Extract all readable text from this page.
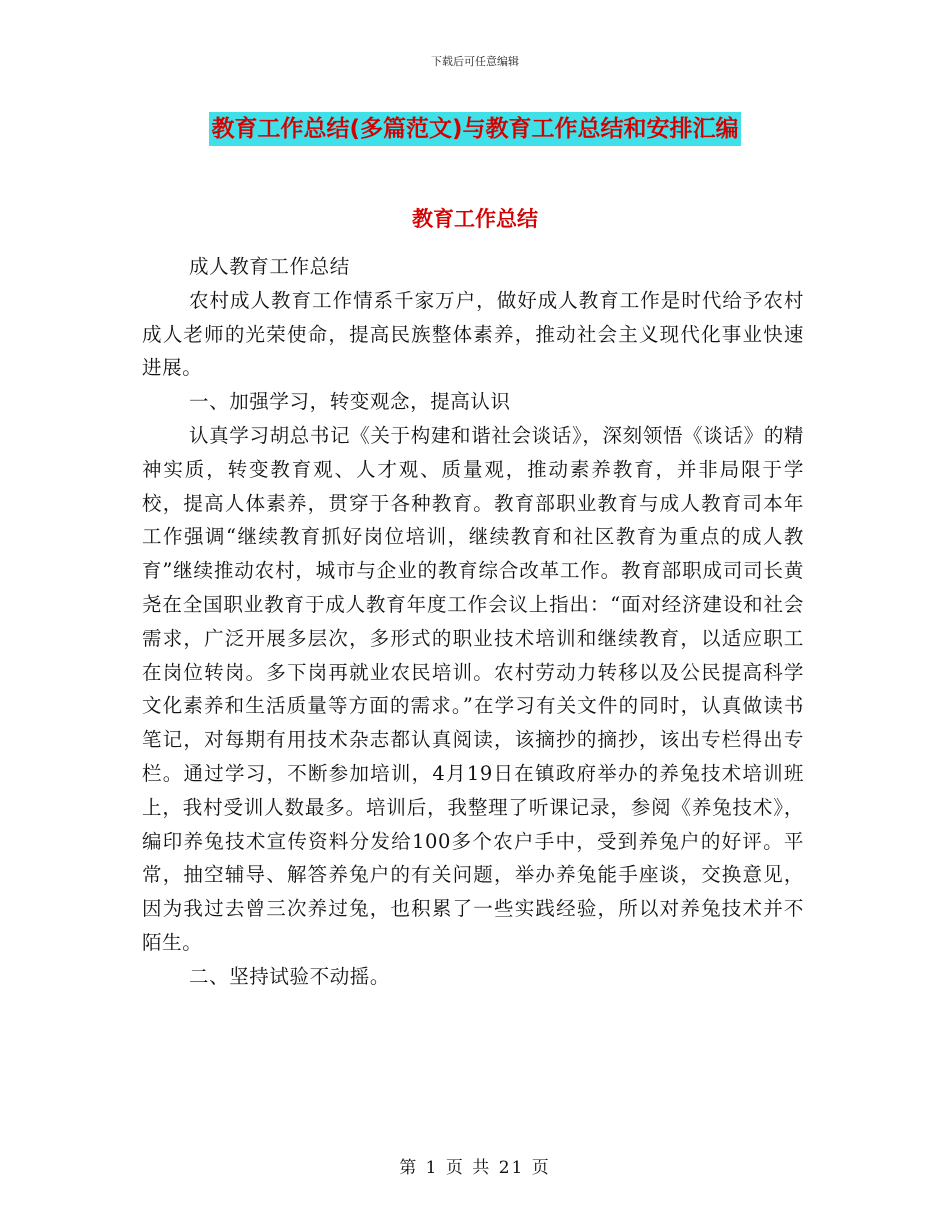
下载后可任意编辑
教育工作总结(多篇范文)与教育工作总结和安排汇编
教育工作总结

成人教育工作总结

农村成人教育工作情系千家万户，做好成人教育工作是时代给予农村成人老师的光荣使命，提高民族整体素养，推动社会主义现代化事业快速进展。

一、加强学习，转变观念，提高认识

认真学习胡总书记《关于构建和谐社会谈话》，深刻领悟《谈话》的精神实质，转变教育观、人才观、质量观，推动素养教育，并非局限于学校，提高人体素养，贯穿于各种教育。教育部职业教育与成人教育司本年工作强调“继续教育抓好岗位培训，继续教育和社区教育为重点的成人教育”继续推动农村，城市与企业的教育综合改革工作。教育部职成司司长黄尧在全国职业教育于成人教育年度工作会议上指出：“面对经济建设和社会需求，广泛开展多层次，多形式的职业技术培训和继续教育，以适应职工在岗位转岗。多下岗再就业农民培训。农村劳动力转移以及公民提高科学文化素养和生活质量等方面的需求。”在学习有关文件的同时，认真做读书笔记，对每期有用技术杂志都认真阅读，该摘抄的摘抄，该出专栏得出专栏。通过学习，不断参加培训，4月19日在镇政府举办的养兔技术培训班上，我村受训人数最多。培训后，我整理了听课记录，参阅《养兔技术》，编印养兔技术宣传资料分发给100多个农户手中，受到养兔户的好评。平常，抽空辅导、解答养兔户的有关问题，举办养兔能手座谈，交换意见，因为我过去曾三次养过兔，也积累了一些实践经验，所以对养兔技术并不陌生。

二、坚持试验不动摇。

第 1 页 共 21 页
